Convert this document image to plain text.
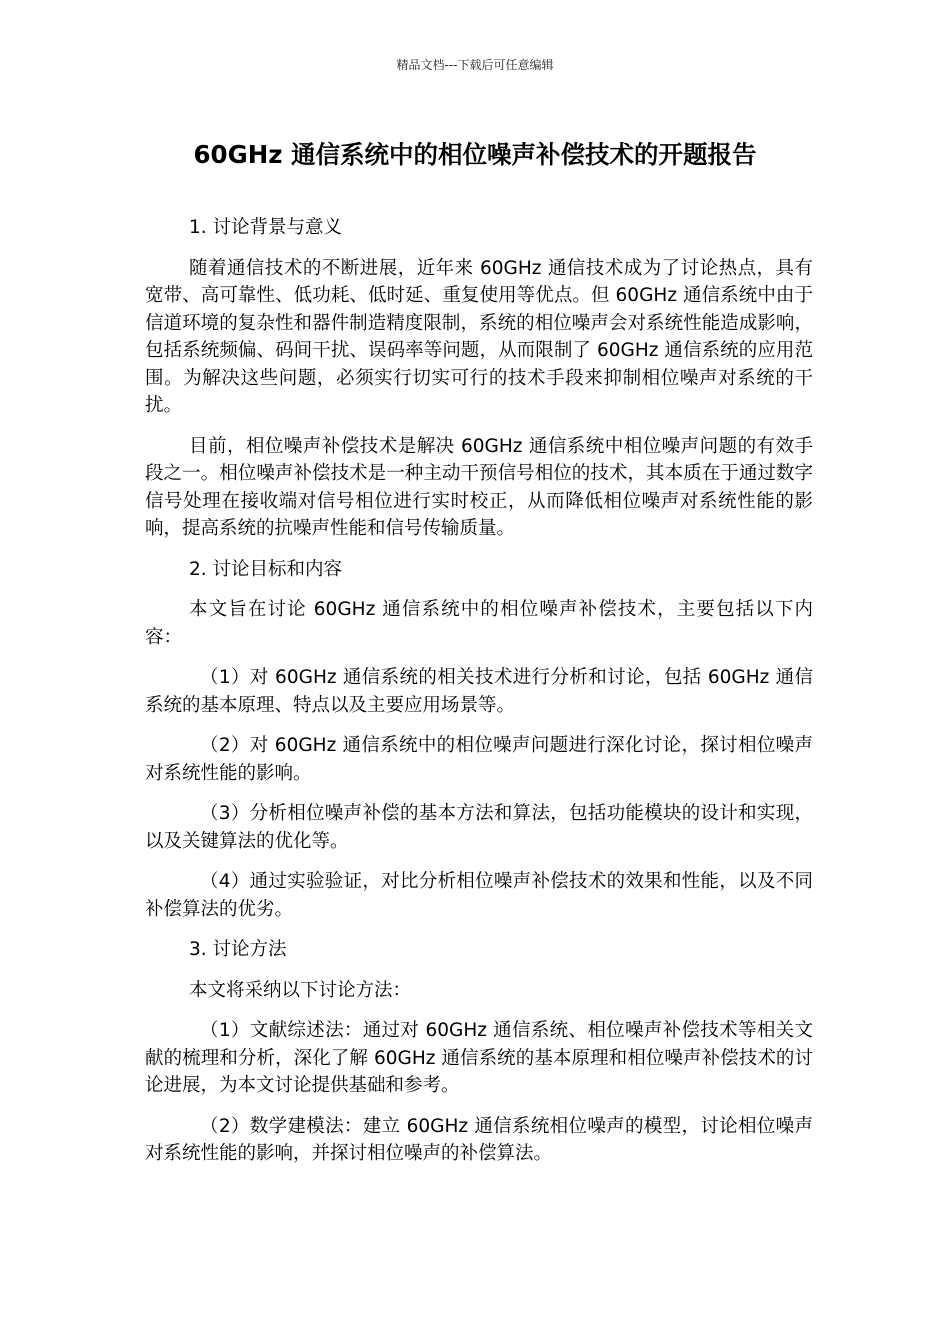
精品文档---下载后可任意编辑
60GHz 通信系统中的相位噪声补偿技术的开题报告

1. 讨论背景与意义

随着通信技术的不断进展，近年来 60GHz 通信技术成为了讨论热点，具有宽带、高可靠性、低功耗、低时延、重复使用等优点。但 60GHz 通信系统中由于信道环境的复杂性和器件制造精度限制，系统的相位噪声会对系统性能造成影响，包括系统频偏、码间干扰、误码率等问题，从而限制了 60GHz 通信系统的应用范围。为解决这些问题，必须实行切实可行的技术手段来抑制相位噪声对系统的干扰。

目前，相位噪声补偿技术是解决 60GHz 通信系统中相位噪声问题的有效手段之一。相位噪声补偿技术是一种主动干预信号相位的技术，其本质在于通过数字信号处理在接收端对信号相位进行实时校正，从而降低相位噪声对系统性能的影响，提高系统的抗噪声性能和信号传输质量。

2. 讨论目标和内容

本文旨在讨论 60GHz 通信系统中的相位噪声补偿技术，主要包括以下内容：

（1）对 60GHz 通信系统的相关技术进行分析和讨论，包括 60GHz 通信系统的基本原理、特点以及主要应用场景等。

（2）对 60GHz 通信系统中的相位噪声问题进行深化讨论，探讨相位噪声对系统性能的影响。

（3）分析相位噪声补偿的基本方法和算法，包括功能模块的设计和实现，以及关键算法的优化等。

（4）通过实验验证，对比分析相位噪声补偿技术的效果和性能，以及不同补偿算法的优劣。

3. 讨论方法

本文将采纳以下讨论方法：

（1）文献综述法：通过对 60GHz 通信系统、相位噪声补偿技术等相关文献的梳理和分析，深化了解 60GHz 通信系统的基本原理和相位噪声补偿技术的讨论进展，为本文讨论提供基础和参考。

（2）数学建模法：建立 60GHz 通信系统相位噪声的模型，讨论相位噪声对系统性能的影响，并探讨相位噪声的补偿算法。
